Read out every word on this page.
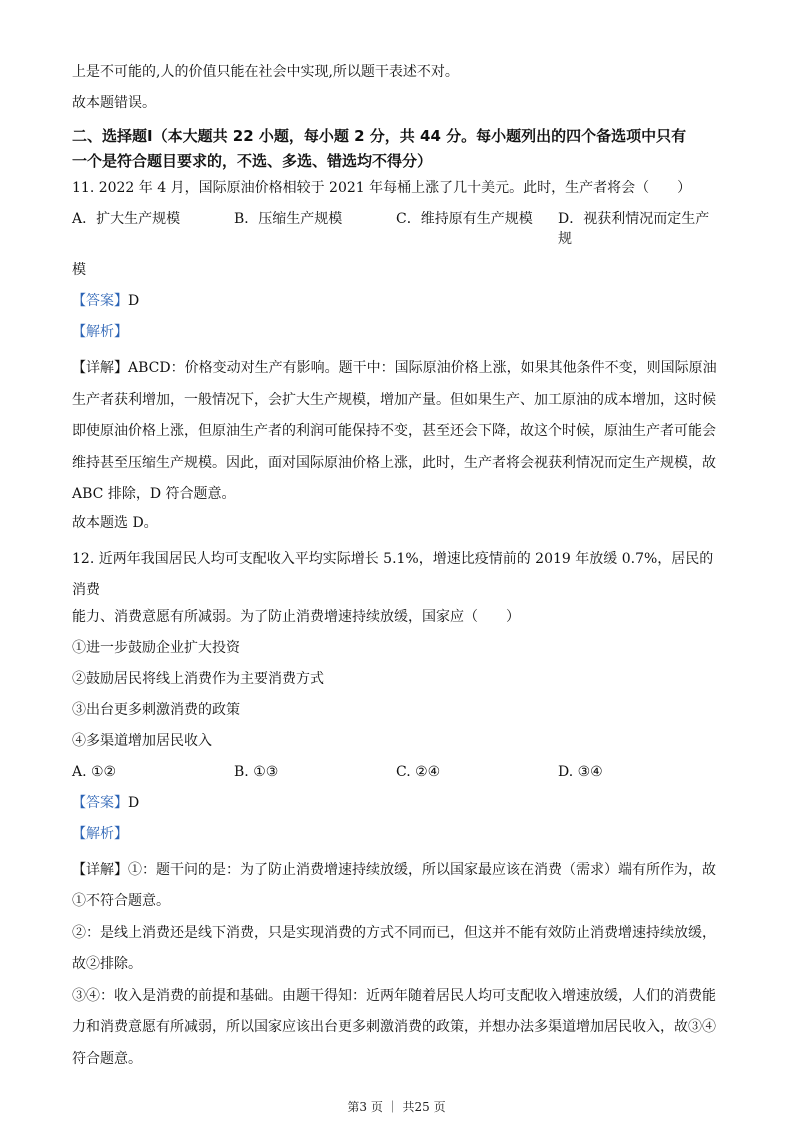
上是不可能的,人的价值只能在社会中实现,所以题干表述不对。

故本题错误。

二、选择题Ⅰ（本大题共 22 小题，每小题 2 分，共 44 分。每小题列出的四个备选项中只有
一个是符合题目要求的，不选、多选、错选均不得分）

11. 2022 年 4 月，国际原油价格相较于 2021 年每桶上涨了几十美元。此时，生产者将会（　　）

A．扩大生产规模	B．压缩生产规模	C．维持原有生产规模	D．视获利情况而定生产规

模

【答案】D

【解析】

【详解】ABCD：价格变动对生产有影响。题干中：国际原油价格上涨，如果其他条件不变，则国际原油

生产者获利增加，一般情况下，会扩大生产规模，增加产量。但如果生产、加工原油的成本增加，这时候

即使原油价格上涨，但原油生产者的利润可能保持不变，甚至还会下降，故这个时候，原油生产者可能会

维持甚至压缩生产规模。因此，面对国际原油价格上涨，此时，生产者将会视获利情况而定生产规模，故

ABC 排除，D 符合题意。

故本题选 D。

12. 近两年我国居民人均可支配收入平均实际增长 5.1%，增速比疫情前的 2019 年放缓 0.7%，居民的消费

能力、消费意愿有所减弱。为了防止消费增速持续放缓，国家应（　　）

①进一步鼓励企业扩大投资

②鼓励居民将线上消费作为主要消费方式

③出台更多刺激消费的政策

④多渠道增加居民收入

A. ①②	B. ①③	C. ②④	D. ③④

【答案】D

【解析】

【详解】①：题干问的是：为了防止消费增速持续放缓，所以国家最应该在消费（需求）端有所作为，故

①不符合题意。

②：是线上消费还是线下消费，只是实现消费的方式不同而已，但这并不能有效防止消费增速持续放缓，

故②排除。

③④：收入是消费的前提和基础。由题干得知：近两年随着居民人均可支配收入增速放缓，人们的消费能

力和消费意愿有所减弱，所以国家应该出台更多刺激消费的政策，并想办法多渠道增加居民收入，故③④

符合题意。

第3 页 ｜ 共25 页
